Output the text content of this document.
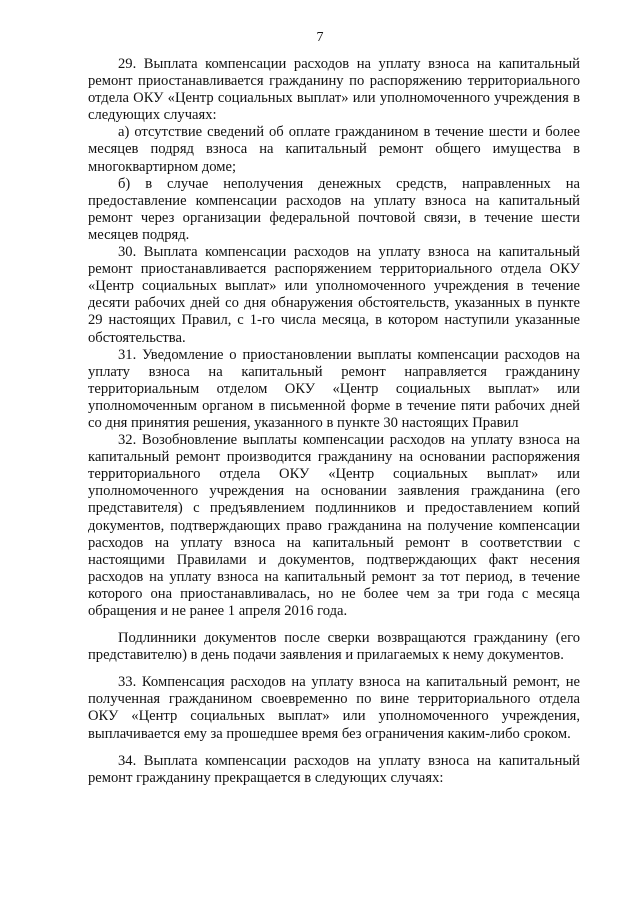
7

29. Выплата компенсации расходов на уплату взноса на капитальный ремонт приостанавливается гражданину по распоряжению территориального отдела ОКУ «Центр социальных выплат» или уполномоченного учреждения в следующих случаях:

а) отсутствие сведений об оплате гражданином в течение шести и более месяцев подряд взноса на капитальный ремонт общего имущества в многоквартирном доме;

б) в случае неполучения денежных средств, направленных на предоставление компенсации расходов на уплату взноса на капитальный ремонт через организации федеральной почтовой связи, в течение шести месяцев подряд.

30. Выплата компенсации расходов на уплату взноса на капитальный ремонт приостанавливается распоряжением территориального отдела ОКУ «Центр социальных выплат» или уполномоченного учреждения в течение десяти рабочих дней со дня обнаружения обстоятельств, указанных в пункте 29 настоящих Правил, с 1-го числа месяца, в котором наступили указанные обстоятельства.

31. Уведомление о приостановлении выплаты компенсации расходов на уплату взноса на капитальный ремонт направляется гражданину территориальным отделом ОКУ «Центр социальных выплат» или уполномоченным органом в письменной форме в течение пяти рабочих дней со дня принятия решения, указанного в пункте 30 настоящих Правил

32. Возобновление выплаты компенсации расходов на уплату взноса на капитальный ремонт производится гражданину на основании распоряжения территориального отдела ОКУ «Центр социальных выплат» или уполномоченного учреждения на основании заявления гражданина (его представителя) с предъявлением подлинников и предоставлением копий документов, подтверждающих право гражданина на получение компенсации расходов на уплату взноса на капитальный ремонт в соответствии с настоящими Правилами и документов, подтверждающих факт несения расходов на уплату взноса на капитальный ремонт за тот период, в течение которого она приостанавливалась, но не более чем за три года с месяца обращения и не ранее 1 апреля 2016 года.

Подлинники документов после сверки возвращаются гражданину (его представителю) в день подачи заявления и прилагаемых к нему документов.

33. Компенсация расходов на уплату взноса на капитальный ремонт, не полученная гражданином своевременно по вине территориального отдела ОКУ «Центр социальных выплат» или уполномоченного учреждения, выплачивается ему за прошедшее время без ограничения каким-либо сроком.

34. Выплата компенсации расходов на уплату взноса на капитальный ремонт гражданину прекращается в следующих случаях:
